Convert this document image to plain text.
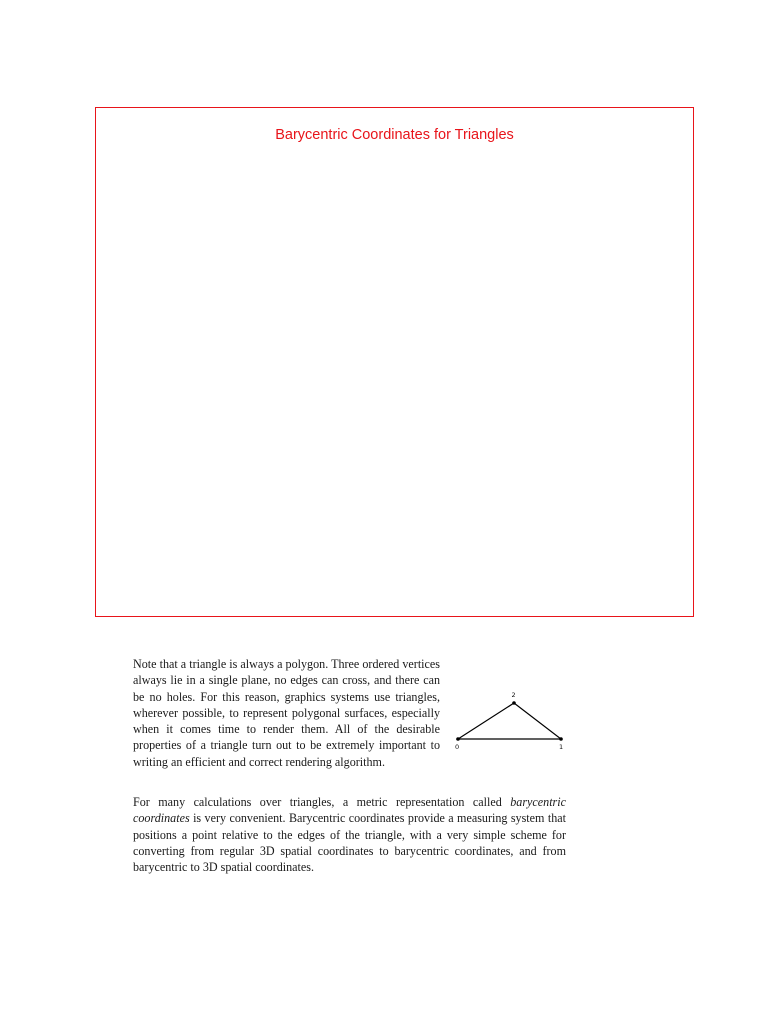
Barycentric Coordinates for Triangles

Note that a triangle is always a polygon. Three ordered vertices always lie in a single plane, no edges can cross, and there can be no holes. For this reason, graphics systems use triangles, wherever possible, to represent polygonal surfaces, especially when it comes time to render them. All of the desirable properties of a triangle turn out to be extremely important to writing an efficient and correct rendering algorithm.

0	1
2

For many calculations over triangles, a metric representation called barycentric coordinates is very convenient. Barycentric coordinates provide a measuring system that positions a point relative to the edges of the triangle, with a very simple scheme for converting from regular 3D spatial coordinates to barycentric coordinates, and from barycentric to 3D spatial coordinates.
